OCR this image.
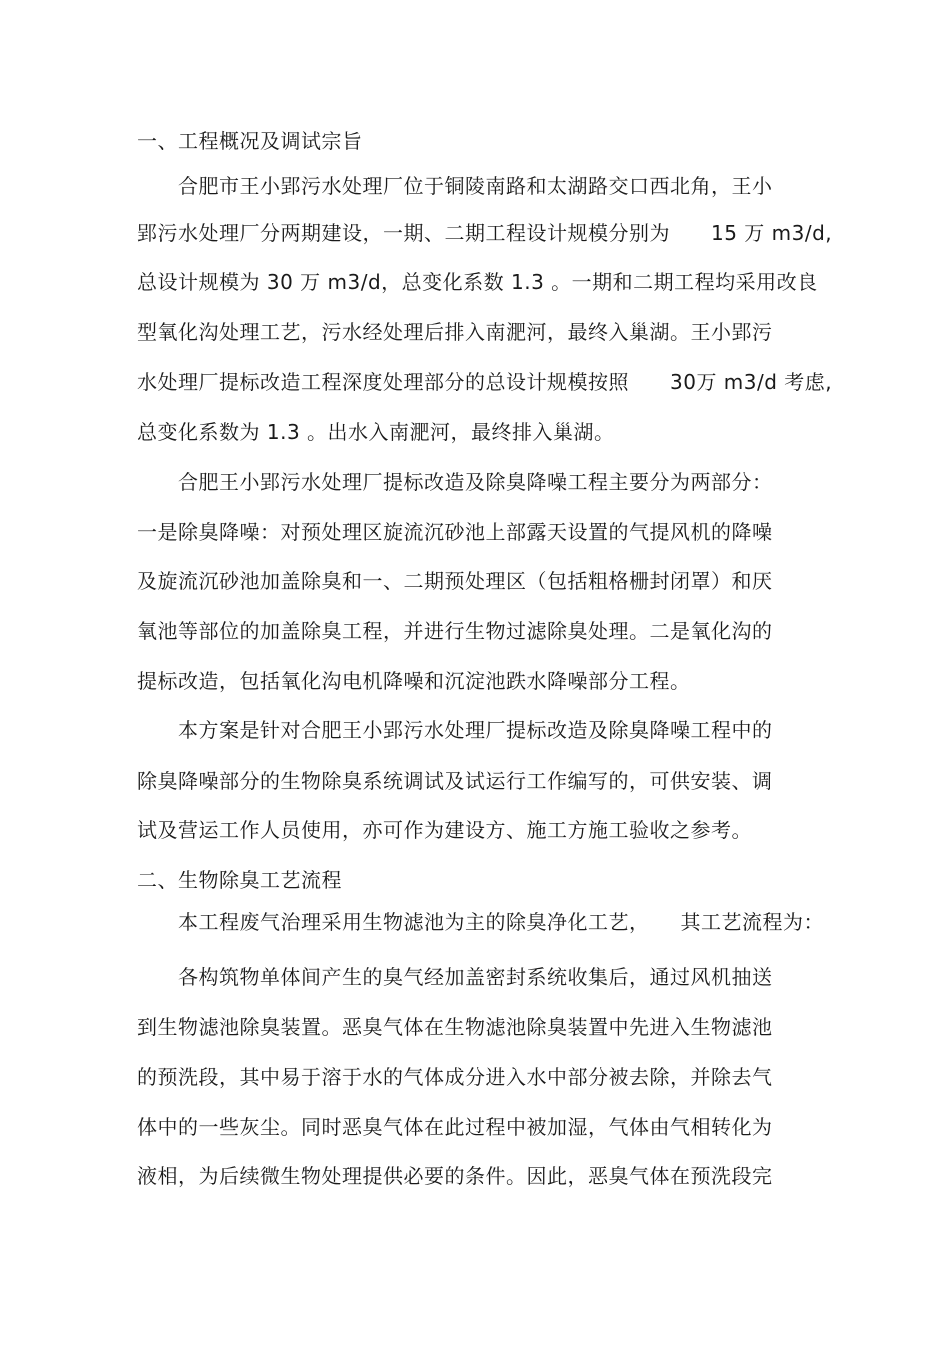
一、工程概况及调试宗旨
合肥市王小郢污水处理厂位于铜陵南路和太湖路交口西北角，王小
郢污水处理厂分两期建设，一期、二期工程设计规模分别为　　15 万 m3/d,
总设计规模为 30 万 m3/d，总变化系数 1.3 。一期和二期工程均采用改良
型氧化沟处理工艺，污水经处理后排入南淝河，最终入巢湖。王小郢污
水处理厂提标改造工程深度处理部分的总设计规模按照　　30万 m3/d 考虑,
总变化系数为 1.3 。出水入南淝河，最终排入巢湖。
合肥王小郢污水处理厂提标改造及除臭降噪工程主要分为两部分：
一是除臭降噪：对预处理区旋流沉砂池上部露天设置的气提风机的降噪
及旋流沉砂池加盖除臭和一、二期预处理区（包括粗格栅封闭罩）和厌
氧池等部位的加盖除臭工程，并进行生物过滤除臭处理。二是氧化沟的
提标改造，包括氧化沟电机降噪和沉淀池跌水降噪部分工程。
本方案是针对合肥王小郢污水处理厂提标改造及除臭降噪工程中的
除臭降噪部分的生物除臭系统调试及试运行工作编写的，可供安装、调
试及营运工作人员使用，亦可作为建设方、施工方施工验收之参考。
二、生物除臭工艺流程
本工程废气治理采用生物滤池为主的除臭净化工艺，　　其工艺流程为：
各构筑物单体间产生的臭气经加盖密封系统收集后，通过风机抽送
到生物滤池除臭装置。恶臭气体在生物滤池除臭装置中先进入生物滤池
的预洗段，其中易于溶于水的气体成分进入水中部分被去除，并除去气
体中的一些灰尘。同时恶臭气体在此过程中被加湿，气体由气相转化为
液相，为后续微生物处理提供必要的条件。因此，恶臭气体在预洗段完
